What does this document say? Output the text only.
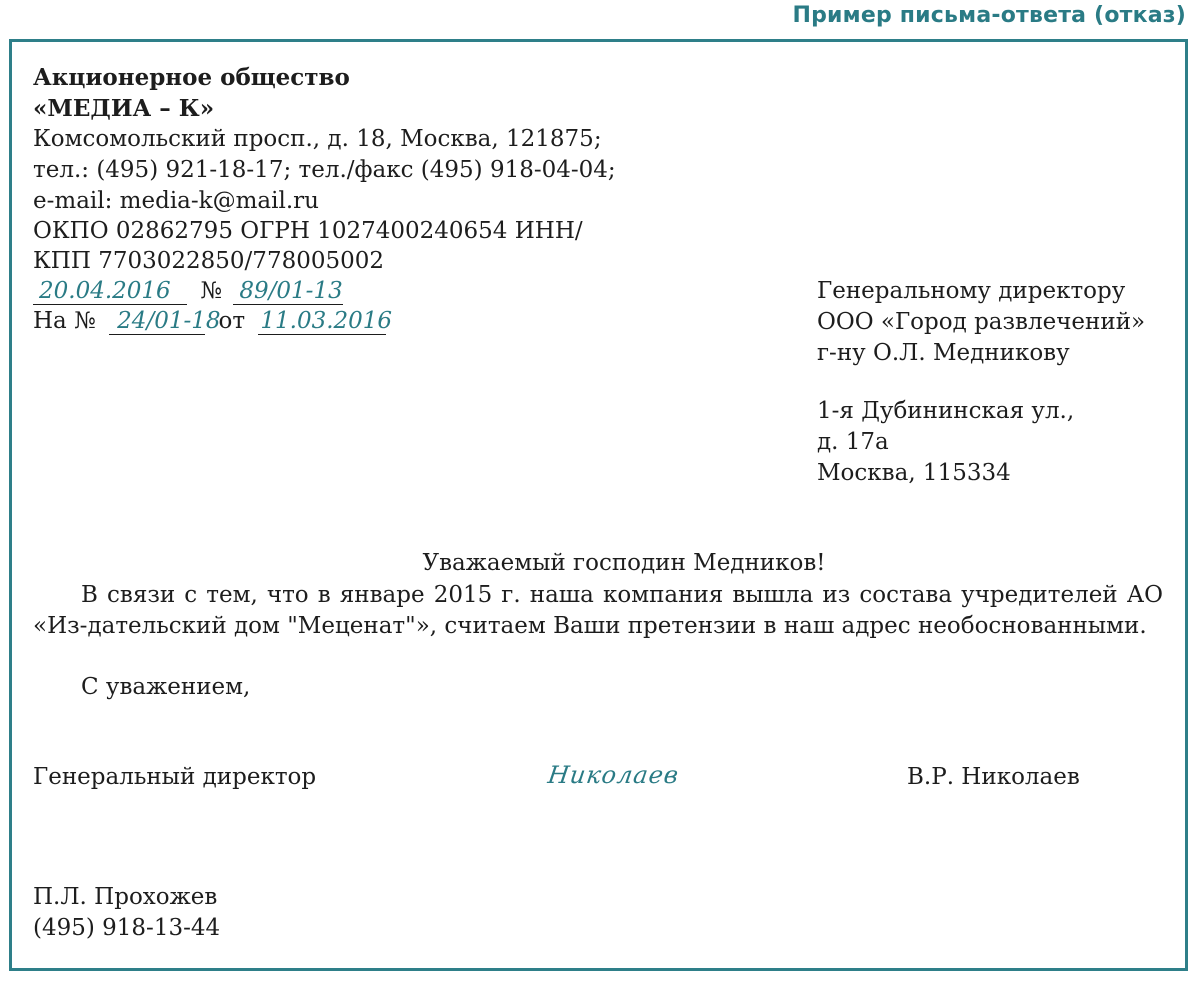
Пример письма-ответа (отказ)
Акционерное общество
«МЕДИА – К»
Комсомольский просп., д. 18, Москва, 121875;
тел.: (495) 921-18-17; тел./факс (495) 918-04-04;
e-mail: media-k@mail.ru
ОКПО 02862795 ОГРН 1027400240654 ИНН/
КПП 7703022850/778005002
20.04.2016 № 89/01-13
На № 24/01-18 от 11.03.2016
Генеральному директору
ООО «Город развлечений»
г-ну О.Л. Медникову
1-я Дубининская ул.,
д. 17а
Москва, 115334
Уважаемый господин Медников!
В связи с тем, что в январе 2015 г. наша компания вышла из состава учредителей АО «Из-дательский дом "Меценат"», считаем Ваши претензии в наш адрес необоснованными.
С уважением,
Генеральный директор	Николаев	В.Р. Николаев
П.Л. Прохожев
(495) 918-13-44
